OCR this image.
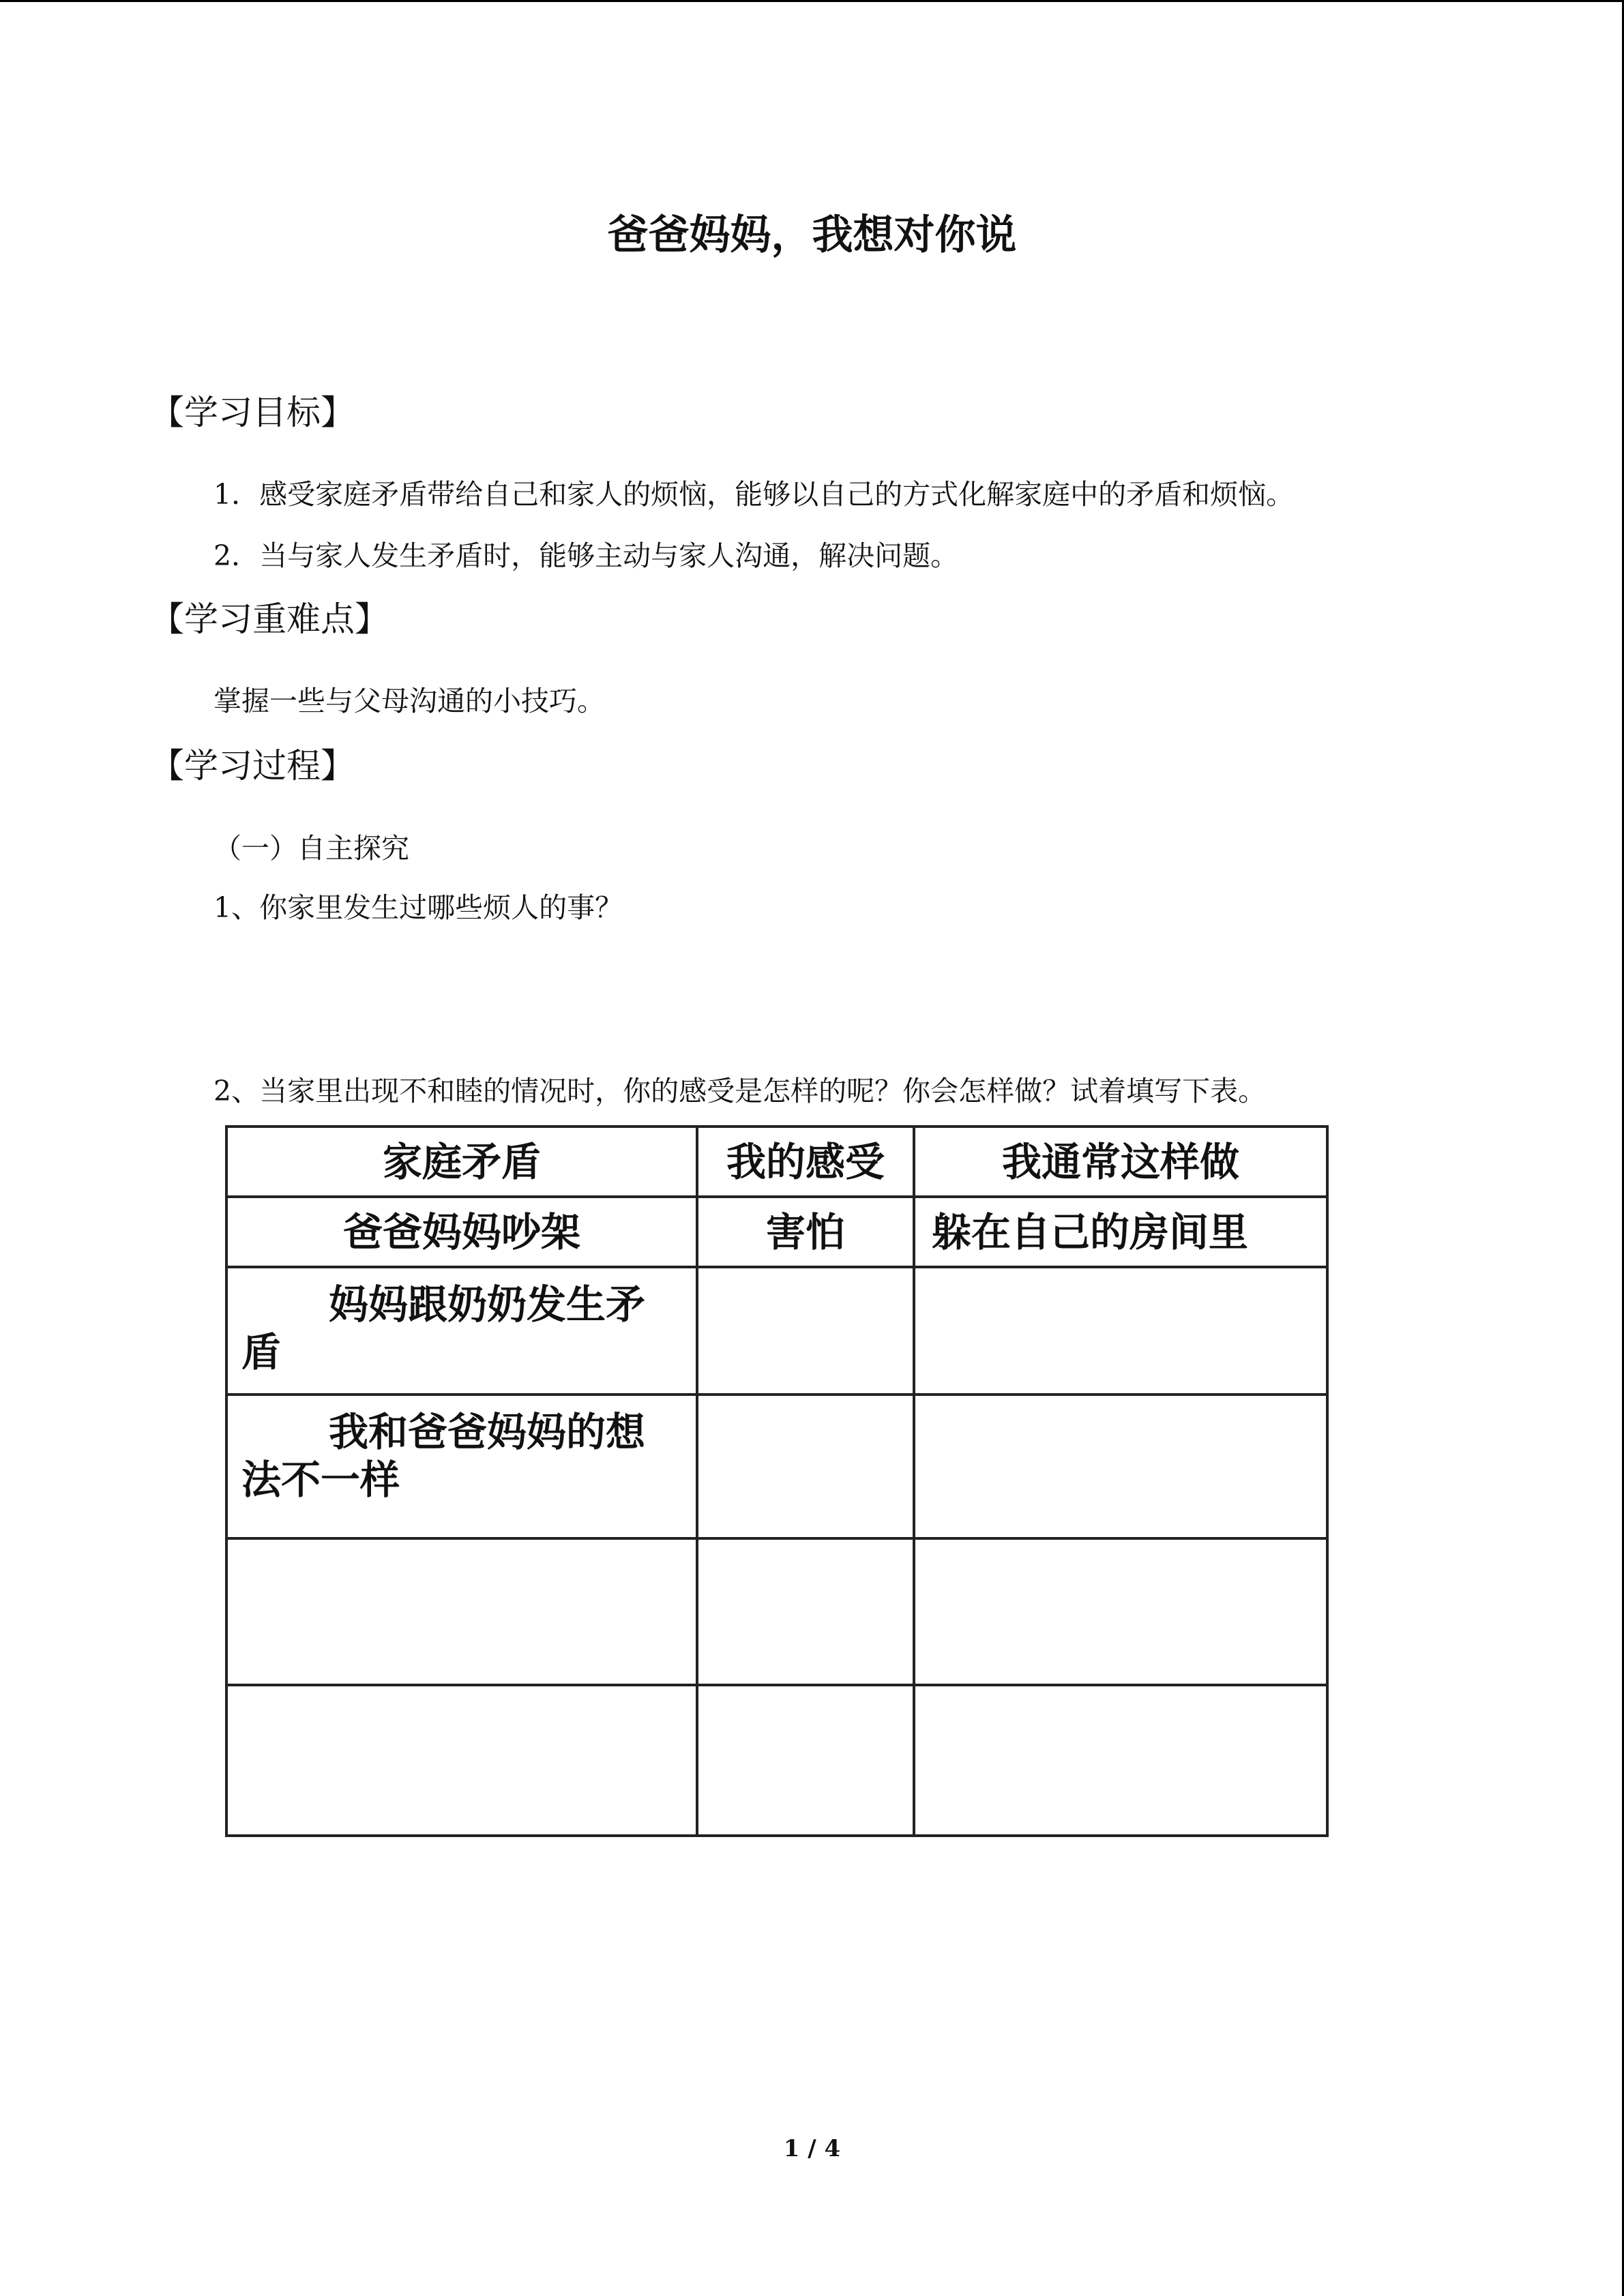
爸爸妈妈，我想对你说
【学习目标】
1．感受家庭矛盾带给自己和家人的烦恼，能够以自己的方式化解家庭中的矛盾和烦恼。
2．当与家人发生矛盾时，能够主动与家人沟通，解决问题。
【学习重难点】
掌握一些与父母沟通的小技巧。
【学习过程】
（一）自主探究
1、你家里发生过哪些烦人的事？
2、当家里出现不和睦的情况时，你的感受是怎样的呢？你会怎样做？试着填写下表。
家庭矛盾	我的感受	我通常这样做
爸爸妈妈吵架	害怕	躲在自己的房间里
妈妈跟奶奶发生矛盾		
我和爸爸妈妈的想法不一样		

1 / 4
